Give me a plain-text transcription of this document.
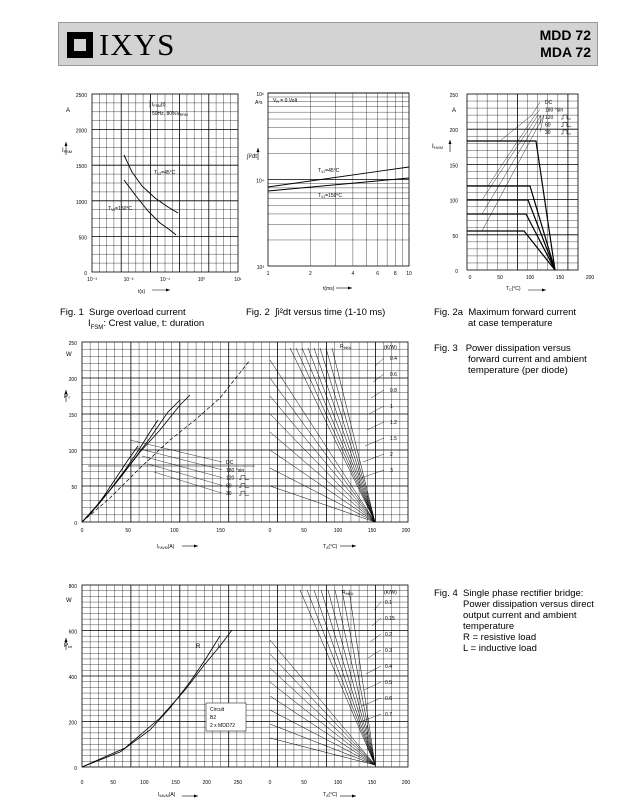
IXYS	MDD 72
MDA 72
2500
2000
1500
1000
500
0
10⁻³	10⁻²	10⁻¹	10⁰	10¹
10⁵
10⁴
10³
1	2	4	6	8 10
250
200
150
100
50
0
0	50	100	150	200
250
200
150
100
50
0
0	50	100	150	0	50	100	150	200
800
600
400
200
0
0	50	100	150	200	250	0	50	100	150	200
A
IFSM
t(s)
$I_{FSM}(t)$
50Hz, $80\%V_{RRM}$
$T_{VJ}=45^\circ C$
$T_{VJ}=150^\circ C$
A²s
∫i²dt
t(ms)
$V_R = 0$ Volt
$T_{VJ}=45^\circ C$
$T_{VJ}=150^\circ C$
A
IFAVM
$T_C(^\circ C)$
DC
180 °sin
120
60
30
W
PT
$I_{FAVM}(A)$	$T_A(^\circ C)$
$R_{thKA}$	(K/W)
0.4
0.6
0.8
1
1.2
1.5
2
3
DC
180 °sin
120
60
30
W
Ptot
$I_{dAVM}(A)$	$T_A(^\circ C)$
$R_{thKA}$	(K/W)
0.1
0.15
0.2
0.3
0.4
0.5
0.6
0.7
R	L
Circuit
B2
2 x MDD72
Fig. 1 Surge overload current
$I_{FSM}$: Crest value, t: duration
Fig. 2 ∫i²dt versus time (1-10 ms)	Fig. 2a Maximum forward current
at case temperature
Fig. 3 Power dissipation versus
forward current and ambient
temperature (per diode)
Fig. 4 Single phase rectifier bridge:
Power dissipation versus direct
output current and ambient
temperature
R = resistive load
L = inductive load
